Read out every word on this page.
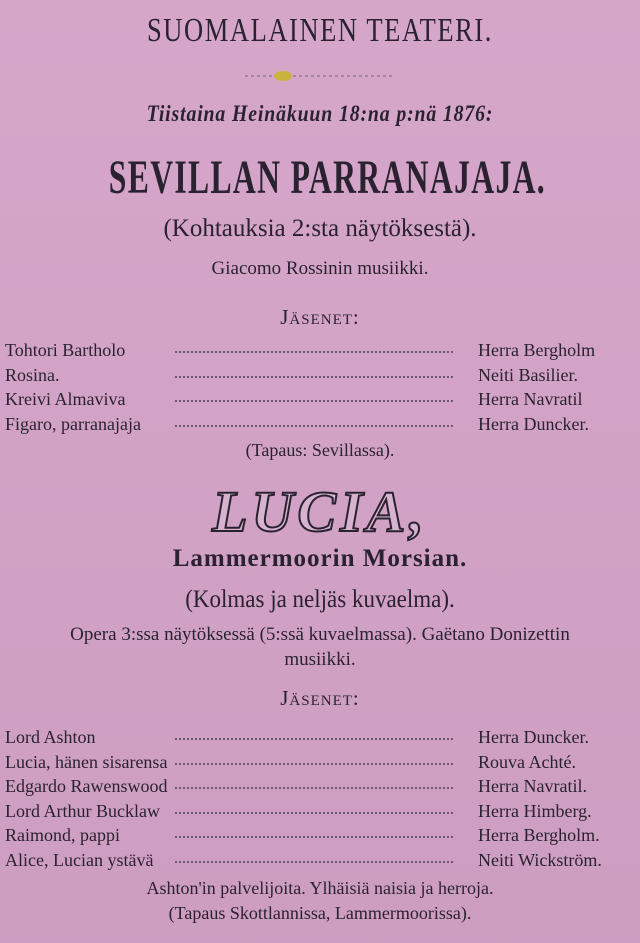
SUOMALAINEN TEATERI.
Tiistaina Heinäkuun 18:na p:nä 1876:
SEVILLAN PARRANAJAJA.
(Kohtauksia 2:sta näytöksestä).
Giacomo Rossinin musiikki.
Jäsenet:
Tohtori Bartholo	Herra Bergholm
Rosina.	Neiti Basilier.
Kreivi Almaviva	Herra Navratil
Figaro, parranajaja	Herra Duncker.
(Tapaus: Sevillassa).
LUCIA,
Lammermoorin Morsian.
(Kolmas ja neljäs kuvaelma).
Opera 3:ssa näytöksessä (5:ssä kuvaelmassa). Gaëtano Donizettin musiikki.
Jäsenet:
Lord Ashton	Herra Duncker.
Lucia, hänen sisarensa	Rouva Achté.
Edgardo Rawenswood	Herra Navratil.
Lord Arthur Bucklaw	Herra Himberg.
Raimond, pappi	Herra Bergholm.
Alice, Lucian ystävä	Neiti Wickström.
Ashton'in palvelijoita. Ylhäisiä naisia ja herroja.
(Tapaus Skottlannissa, Lammermoorissa).
